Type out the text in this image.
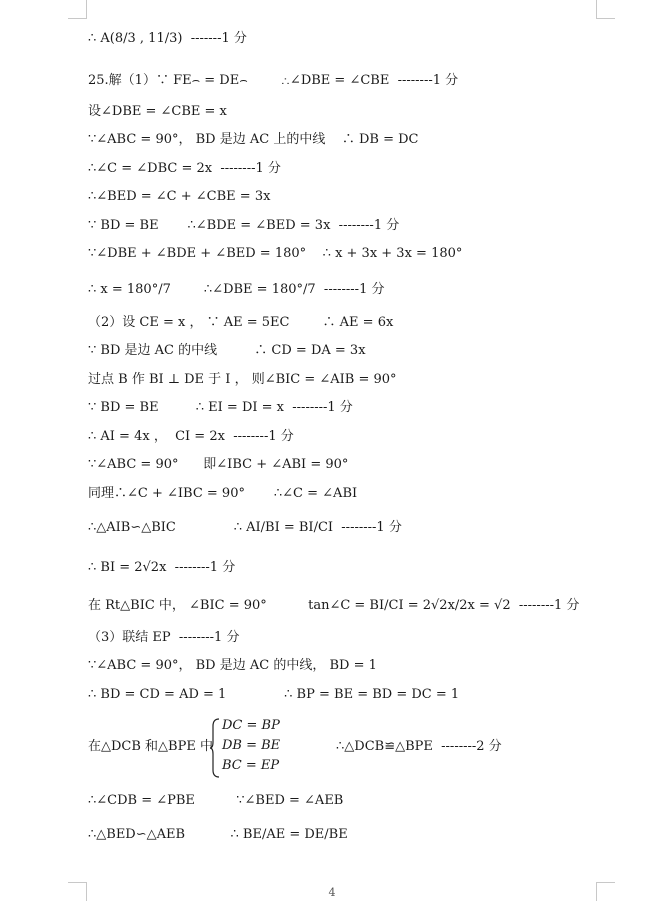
∴ A(8/3 , 11/3)  -------1 分
25.解（1）∵ FE⌢ = DE⌢        ∴∠DBE = ∠CBE  --------1 分
设∠DBE = ∠CBE = x
∵∠ABC = 90°， BD 是边 AC 上的中线    ∴ DB = DC
∴∠C = ∠DBC = 2x  --------1 分
∴∠BED = ∠C + ∠CBE = 3x
∵ BD = BE       ∴∠BDE = ∠BED = 3x  --------1 分
∵∠DBE + ∠BDE + ∠BED = 180°    ∴ x + 3x + 3x = 180°
∴ x = 180°/7        ∴∠DBE = 180°/7  --------1 分
（2）设 CE = x ， ∵ AE = 5EC        ∴ AE = 6x
∵ BD 是边 AC 的中线         ∴ CD = DA = 3x
过点 B 作 BI ⊥ DE 于 I ， 则∠BIC = ∠AIB = 90°
∵ BD = BE         ∴ EI = DI = x  --------1 分
∴ AI = 4x ，  CI = 2x  --------1 分
∵∠ABC = 90°      即∠IBC + ∠ABI = 90°
同理∴∠C + ∠IBC = 90°       ∴∠C = ∠ABI
∴△AIB∽△BIC              ∴ AI/BI = BI/CI  --------1 分
∴ BI = 2√2x  --------1 分
在 Rt△BIC 中， ∠BIC = 90°          tan∠C = BI/CI = 2√2x/2x = √2  --------1 分
（3）联结 EP  --------1 分
∵∠ABC = 90°， BD 是边 AC 的中线， BD = 1
∴ BD = CD = AD = 1              ∴ BP = BE = BD = DC = 1
在△DCB 和△BPE 中
DC = BP
DB = BE
BC = EP
∴△DCB≌△BPE  --------2 分
∴∠CDB = ∠PBE          ∵∠BED = ∠AEB
∴△BED∽△AEB           ∴ BE/AE = DE/BE
4
